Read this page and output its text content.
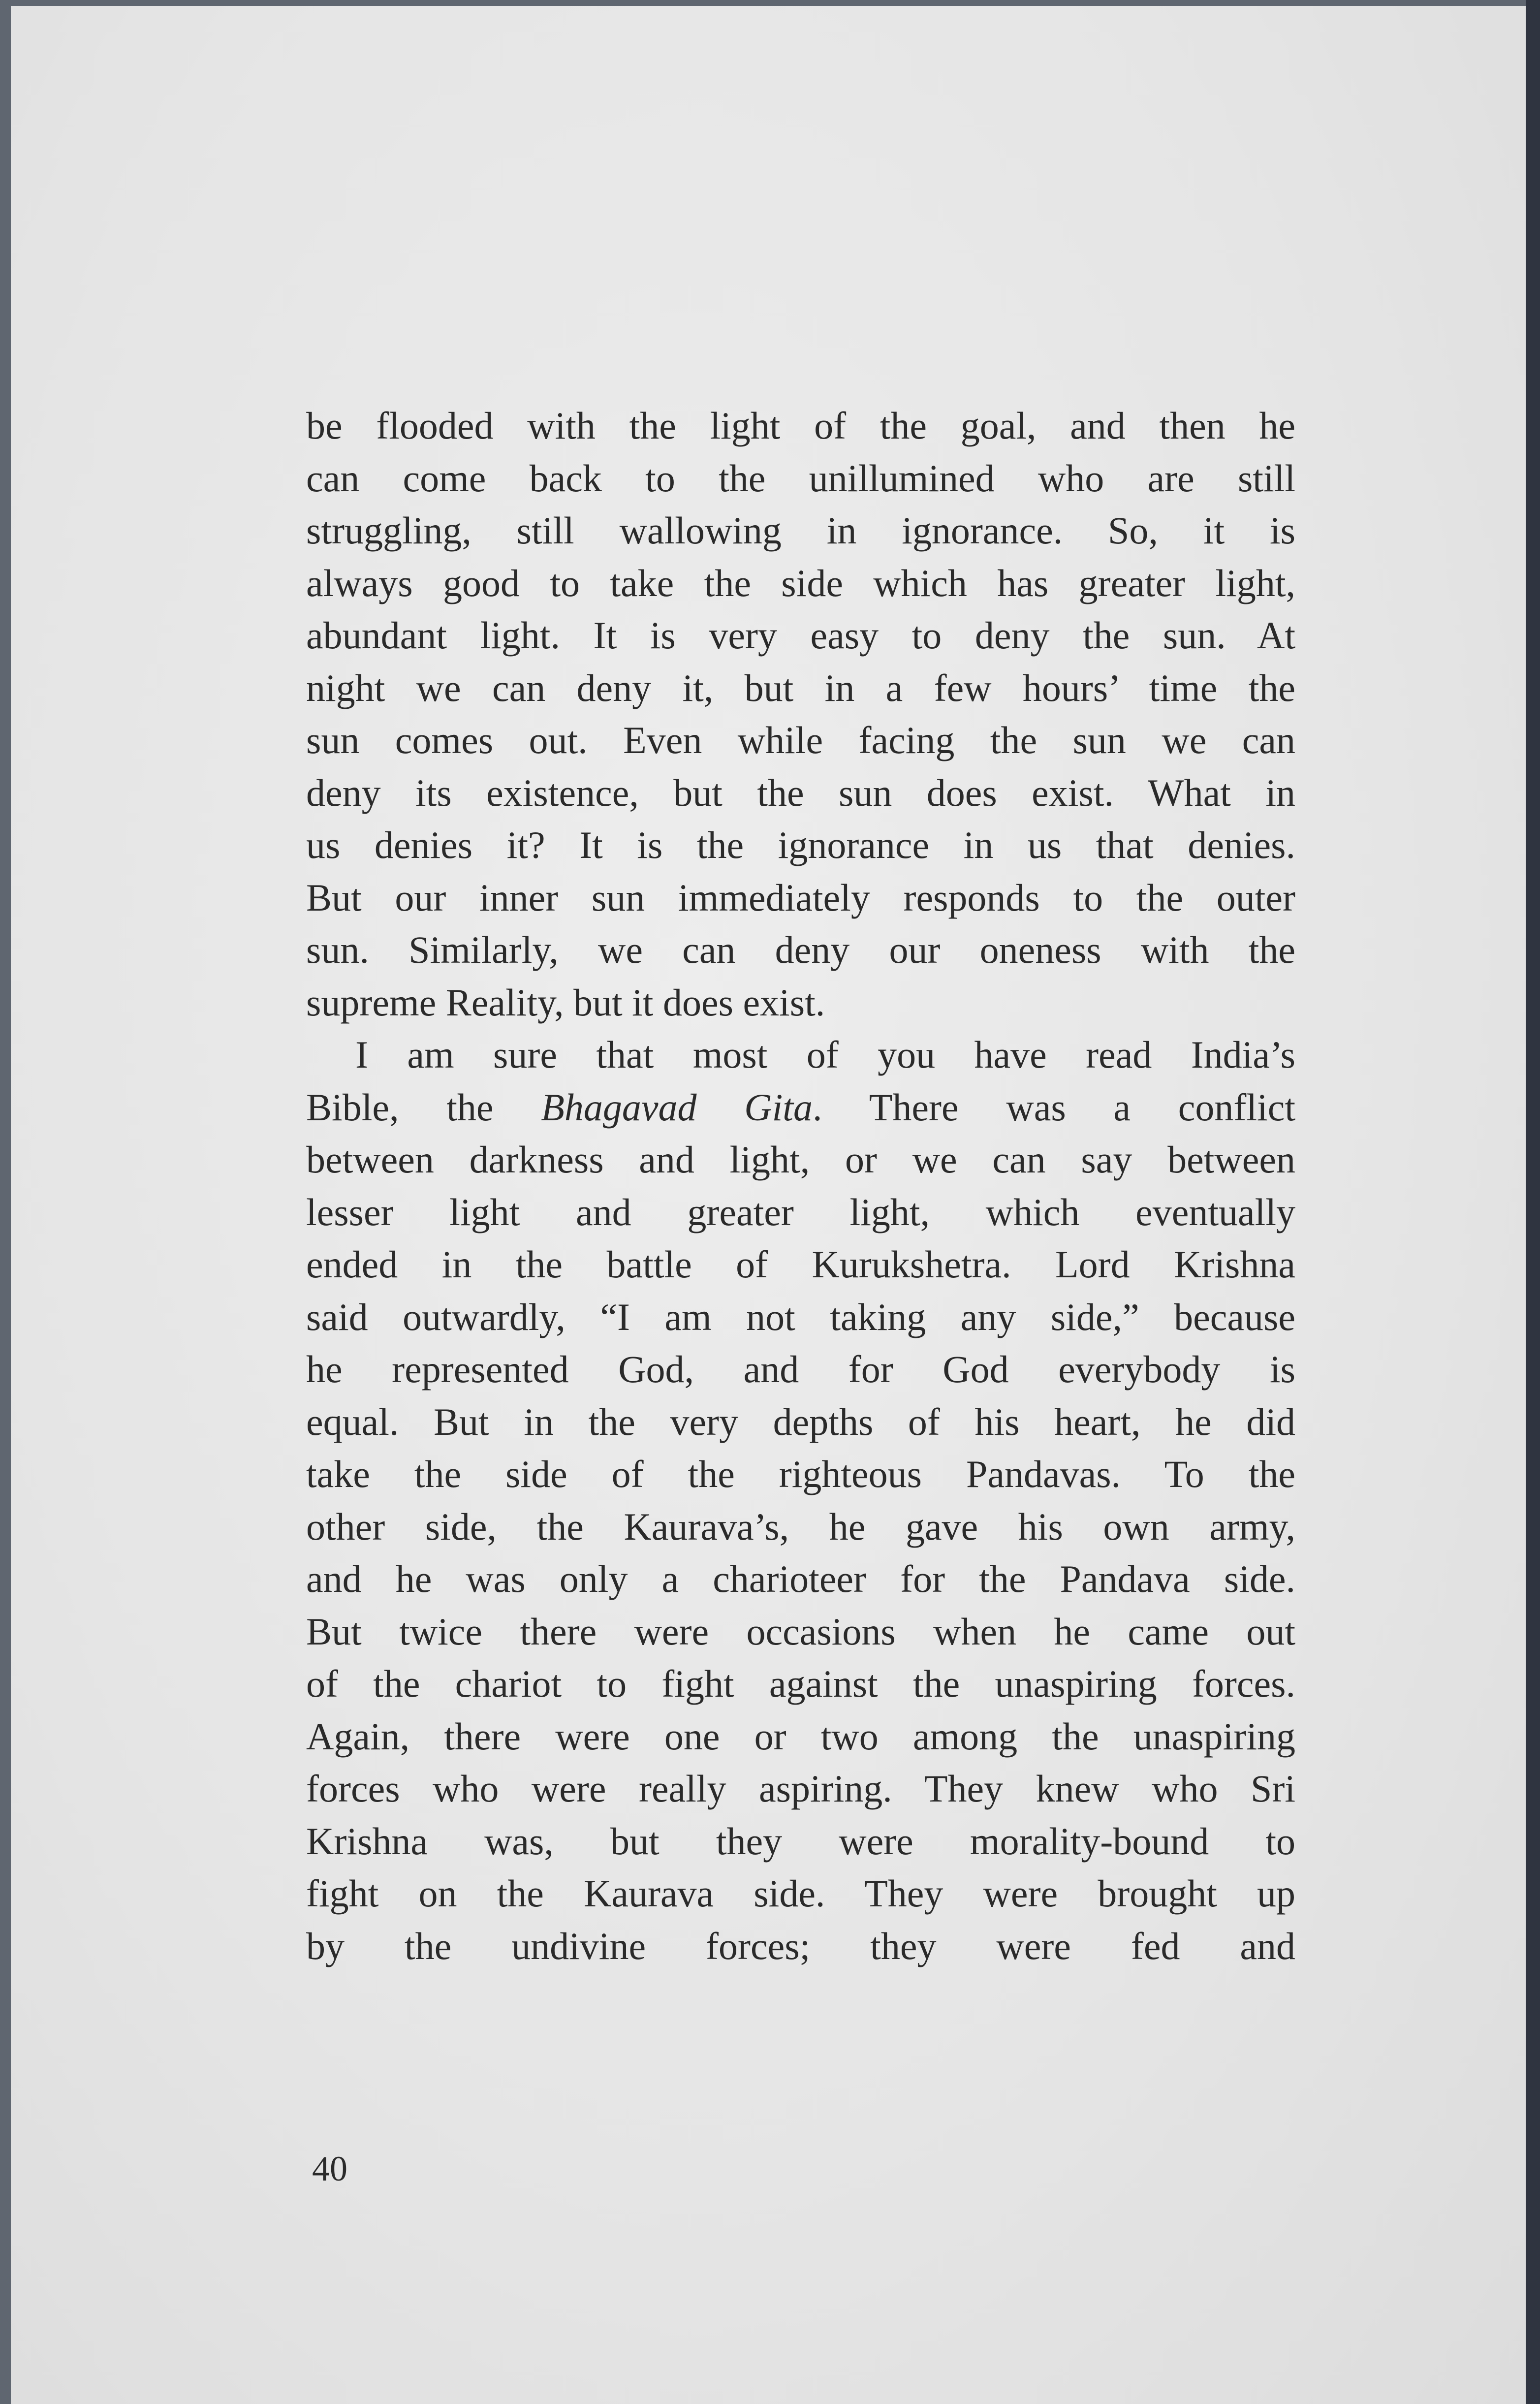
be flooded with the light of the goal, and then he
can come back to the unillumined who are still
struggling, still wallowing in ignorance. So, it is
always good to take the side which has greater light,
abundant light. It is very easy to deny the sun. At
night we can deny it, but in a few hours’ time the
sun comes out. Even while facing the sun we can
deny its existence, but the sun does exist. What in
us denies it? It is the ignorance in us that denies.
But our inner sun immediately responds to the outer
sun. Similarly, we can deny our oneness with the
supreme Reality, but it does exist.

I am sure that most of you have read India’s
Bible, the Bhagavad Gita. There was a conflict
between darkness and light, or we can say between
lesser light and greater light, which eventually
ended in the battle of Kurukshetra. Lord Krishna
said outwardly, “I am not taking any side,” because
he represented God, and for God everybody is
equal. But in the very depths of his heart, he did
take the side of the righteous Pandavas. To the
other side, the Kaurava’s, he gave his own army,
and he was only a charioteer for the Pandava side.
But twice there were occasions when he came out
of the chariot to fight against the unaspiring forces.
Again, there were one or two among the unaspiring
forces who were really aspiring. They knew who Sri
Krishna was, but they were morality-bound to
fight on the Kaurava side. They were brought up
by the undivine forces; they were fed and

40
